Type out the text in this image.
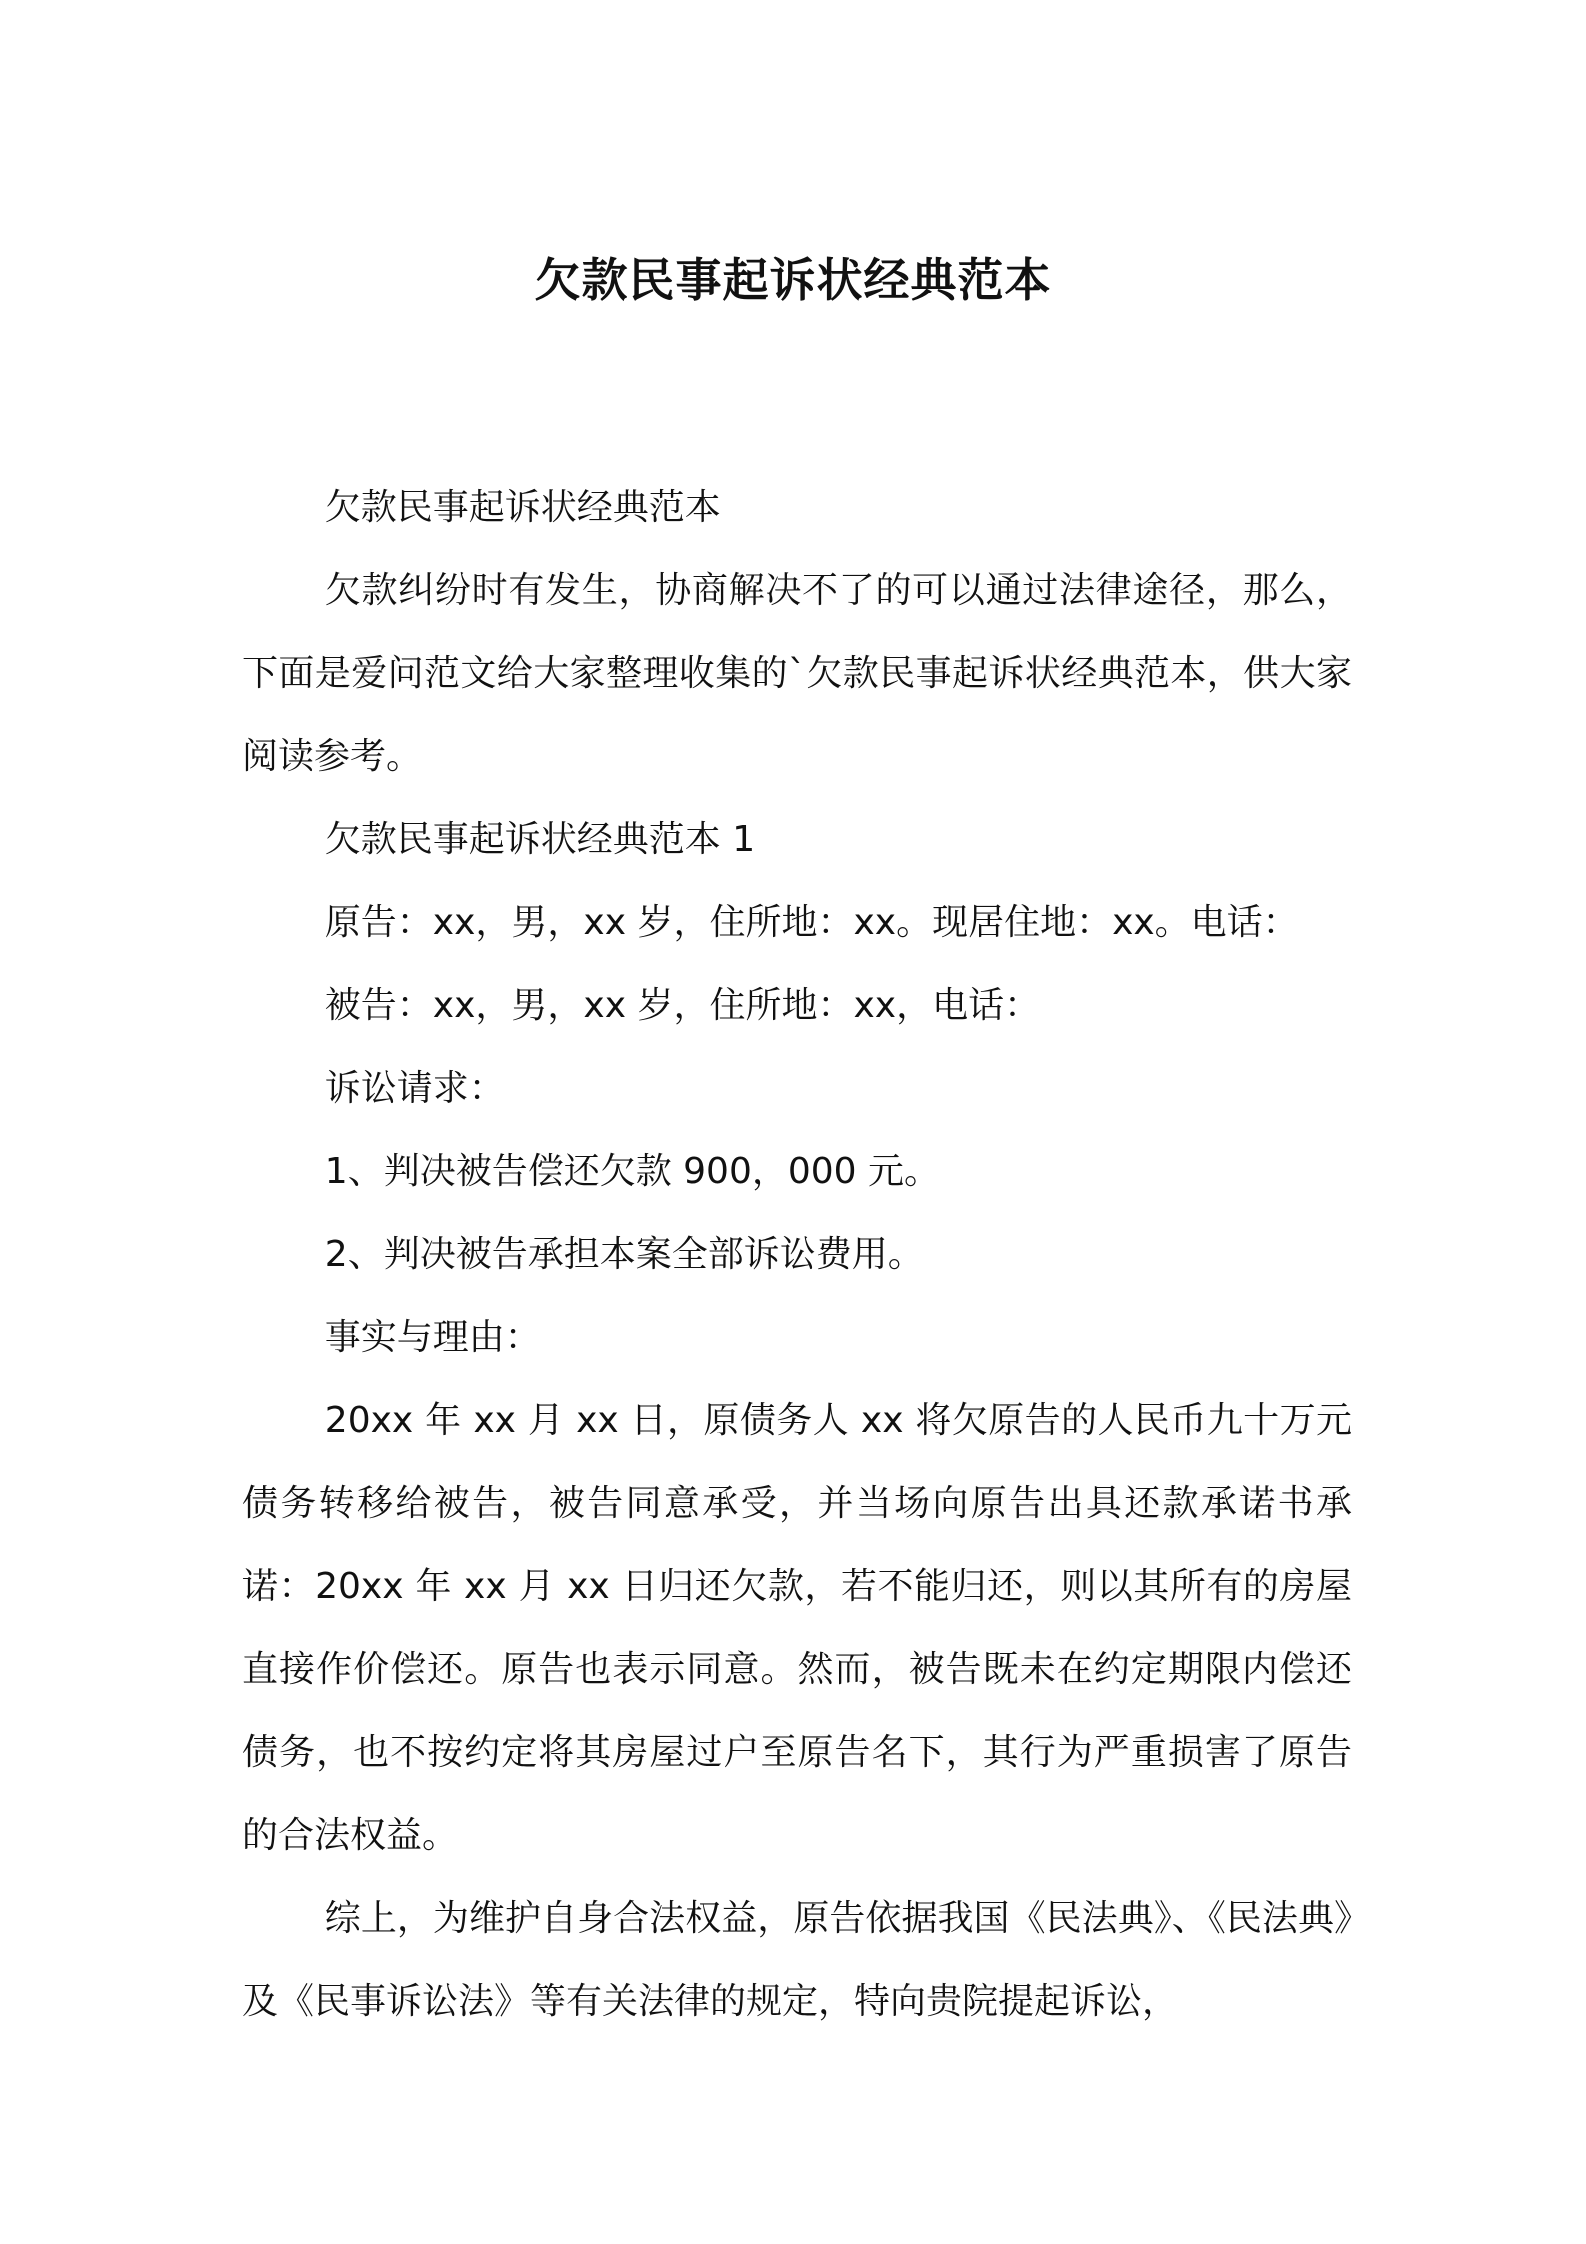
欠款民事起诉状经典范本

欠款民事起诉状经典范本

欠款纠纷时有发生，协商解决不了的可以通过法律途径，那么，下面是爱问范文给大家整理收集的`欠款民事起诉状经典范本，供大家阅读参考。

欠款民事起诉状经典范本 1

原告：xx，男，xx 岁，住所地：xx。现居住地：xx。电话：

被告：xx，男，xx 岁，住所地：xx，电话：

诉讼请求：

1、判决被告偿还欠款 900，000 元。

2、判决被告承担本案全部诉讼费用。

事实与理由：

20xx 年 xx 月 xx 日，原债务人 xx 将欠原告的人民币九十万元债务转移给被告，被告同意承受，并当场向原告出具还款承诺书承诺：20xx 年 xx 月 xx 日归还欠款，若不能归还，则以其所有的房屋直接作价偿还。原告也表示同意。然而，被告既未在约定期限内偿还债务，也不按约定将其房屋过户至原告名下，其行为严重损害了原告的合法权益。

综上，为维护自身合法权益，原告依据我国《民法典》、《民法典》及《民事诉讼法》等有关法律的规定，特向贵院提起诉讼，
